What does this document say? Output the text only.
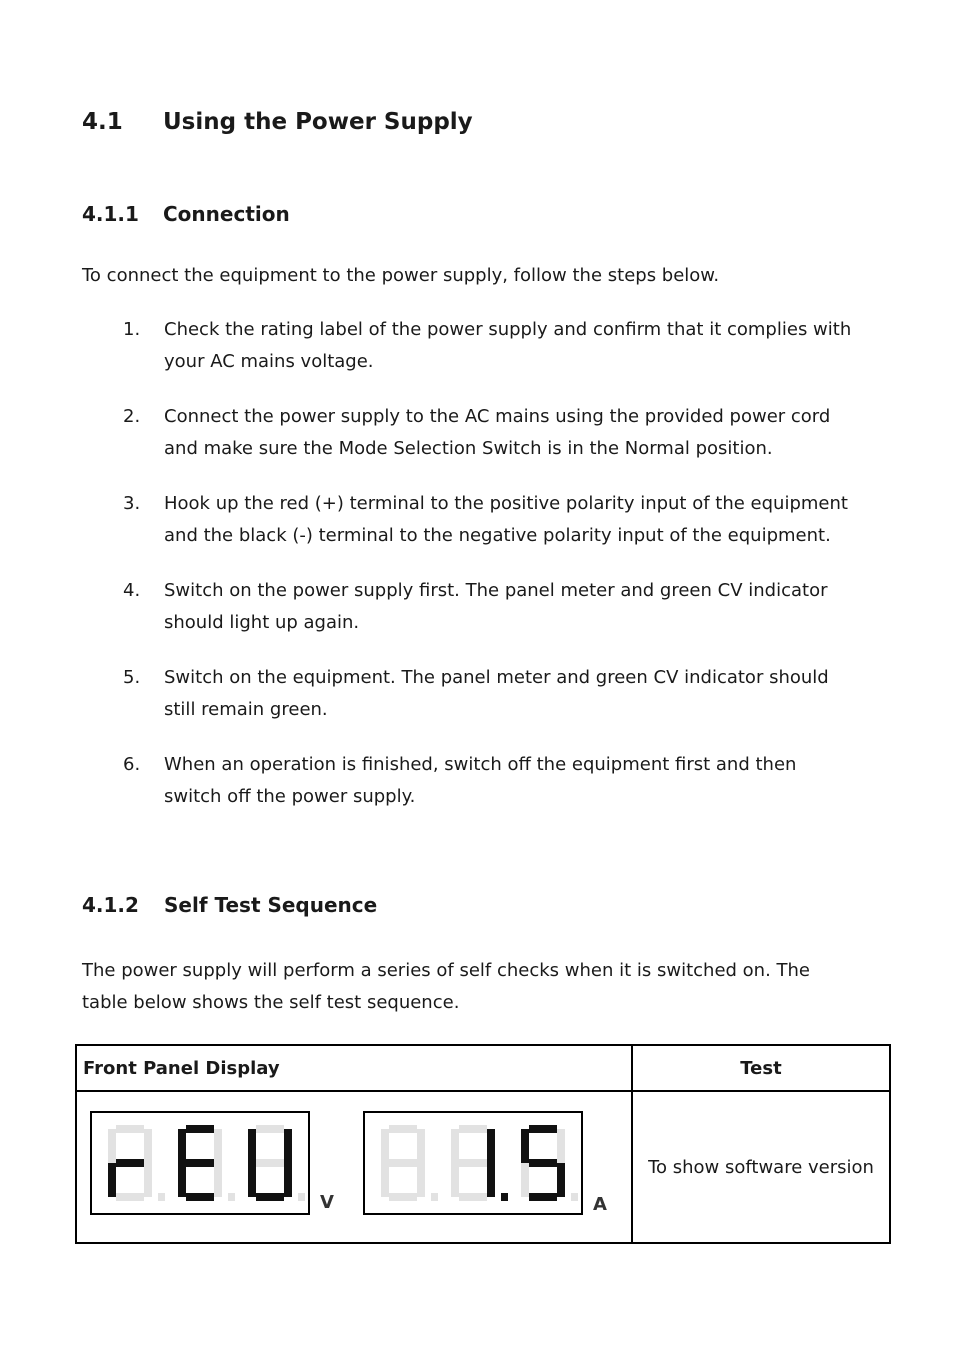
4.1 Using the Power Supply
4.1.1 Connection

To connect the equipment to the power supply, follow the steps below.

1. Check the rating label of the power supply and confirm that it complies with
your AC mains voltage.
2. Connect the power supply to the AC mains using the provided power cord
and make sure the Mode Selection Switch is in the Normal position.
3. Hook up the red (+) terminal to the positive polarity input of the equipment
and the black (-) terminal to the negative polarity input of the equipment.
4. Switch on the power supply first. The panel meter and green CV indicator
should light up again.
5. Switch on the equipment. The panel meter and green CV indicator should
still remain green.
6. When an operation is finished, switch off the equipment first and then
switch off the power supply.
4.1.2 Self Test Sequence
The power supply will perform a series of self checks when it is switched on. The
table below shows the self test sequence.
Front Panel Display	Test

V A	To show software version
